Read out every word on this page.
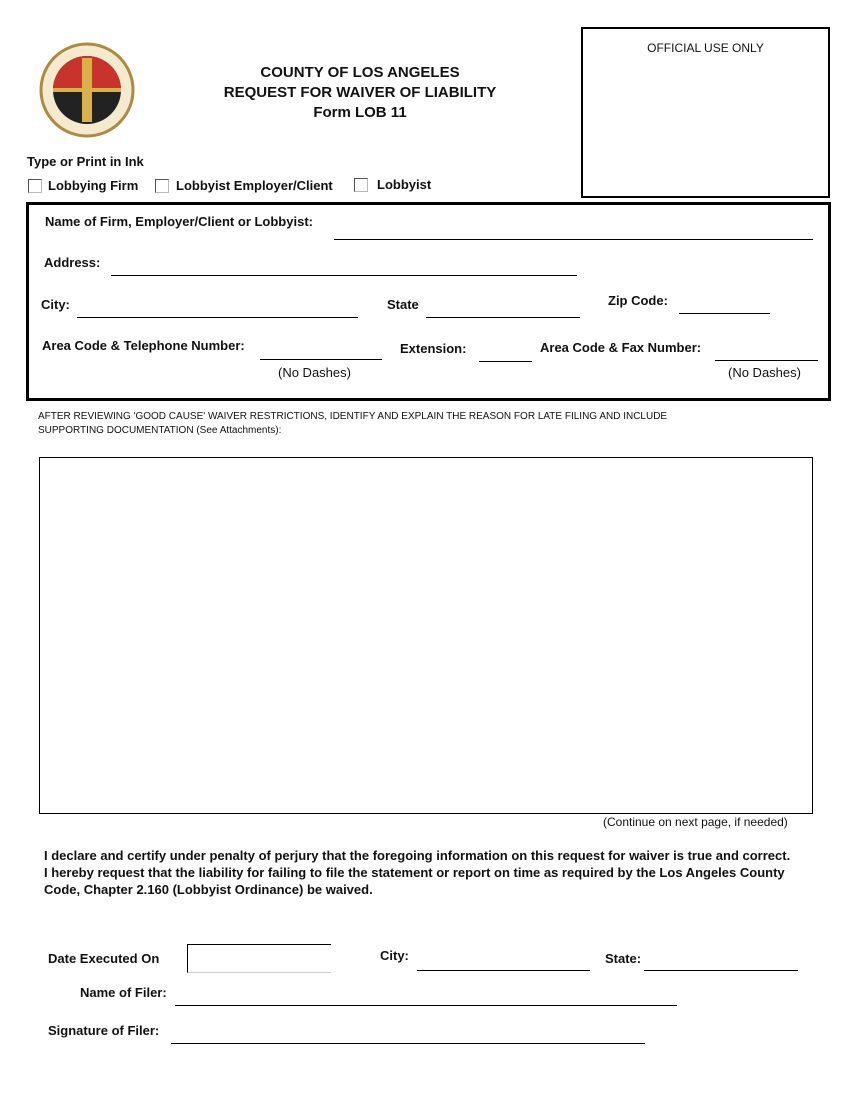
COUNTY OF LOS ANGELES
REQUEST FOR WAIVER OF LIABILITY
Form LOB 11
OFFICIAL USE ONLY
Type or Print in Ink
Lobbying Firm	Lobbyist Employer/Client	Lobbyist
Name of Firm, Employer/Client or Lobbyist:
Address:
City:	State	Zip Code:
Area Code & Telephone Number:
(No Dashes)
Extension:	Area Code & Fax Number:
(No Dashes)
AFTER REVIEWING 'GOOD CAUSE' WAIVER RESTRICTIONS, IDENTIFY AND EXPLAIN THE REASON FOR LATE FILING AND INCLUDE
SUPPORTING DOCUMENTATION (See Attachments):
(Continue on next page, if needed)
I declare and certify under penalty of perjury that the foregoing information on this request for waiver is true and correct. I hereby request that the liability for failing to file the statement or report on time as required by the Los Angeles County Code, Chapter 2.160 (Lobbyist Ordinance) be waived.
Date Executed On	City:	State:
Name of Filer:
Signature of Filer:
